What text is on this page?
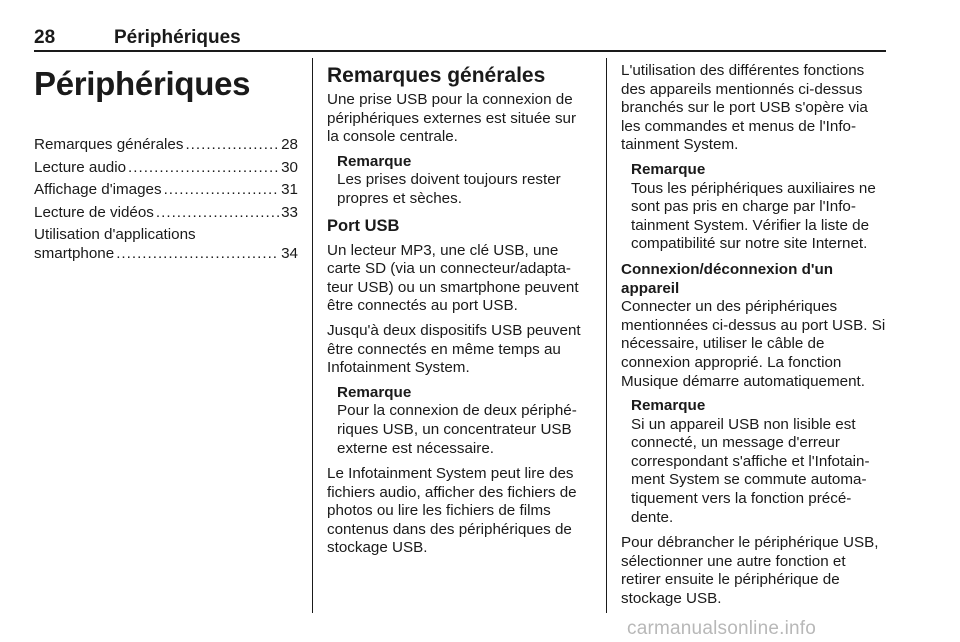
28	Périphériques
Périphériques
Remarques générales .....	28
Lecture audio .....	30
Affichage d'images .....	31
Lecture de vidéos .....	33
Utilisation d'applications
smartphone .....	34
Remarques générales

Une prise USB pour la connexion de périphériques externes est située sur la console centrale.

Remarque
Les prises doivent toujours rester propres et sèches.
Port USB

Un lecteur MP3, une clé USB, une carte SD (via un connecteur/adaptateur USB) ou un smartphone peuvent être connectés au port USB.

Jusqu'à deux dispositifs USB peuvent être connectés en même temps au Infotainment System.

Remarque
Pour la connexion de deux périphériques USB, un concentrateur USB externe est nécessaire.

Le Infotainment System peut lire des fichiers audio, afficher des fichiers de photos ou lire les fichiers de films contenus dans des périphériques de stockage USB.

L'utilisation des différentes fonctions des appareils mentionnés ci-dessus branchés sur le port USB s'opère via les commandes et menus de l'Infotainment System.

Remarque
Tous les périphériques auxiliaires ne sont pas pris en charge par l'Infotainment System. Vérifier la liste de compatibilité sur notre site Internet.
Connexion/déconnexion d'un appareil

Connecter un des périphériques mentionnées ci-dessus au port USB. Si nécessaire, utiliser le câble de connexion approprié. La fonction Musique démarre automatiquement.

Remarque
Si un appareil USB non lisible est connecté, un message d'erreur correspondant s'affiche et l'Infotainment System se commute automatiquement vers la fonction précédente.

Pour débrancher le périphérique USB, sélectionner une autre fonction et retirer ensuite le périphérique de stockage USB.

carmanualsonline.info
